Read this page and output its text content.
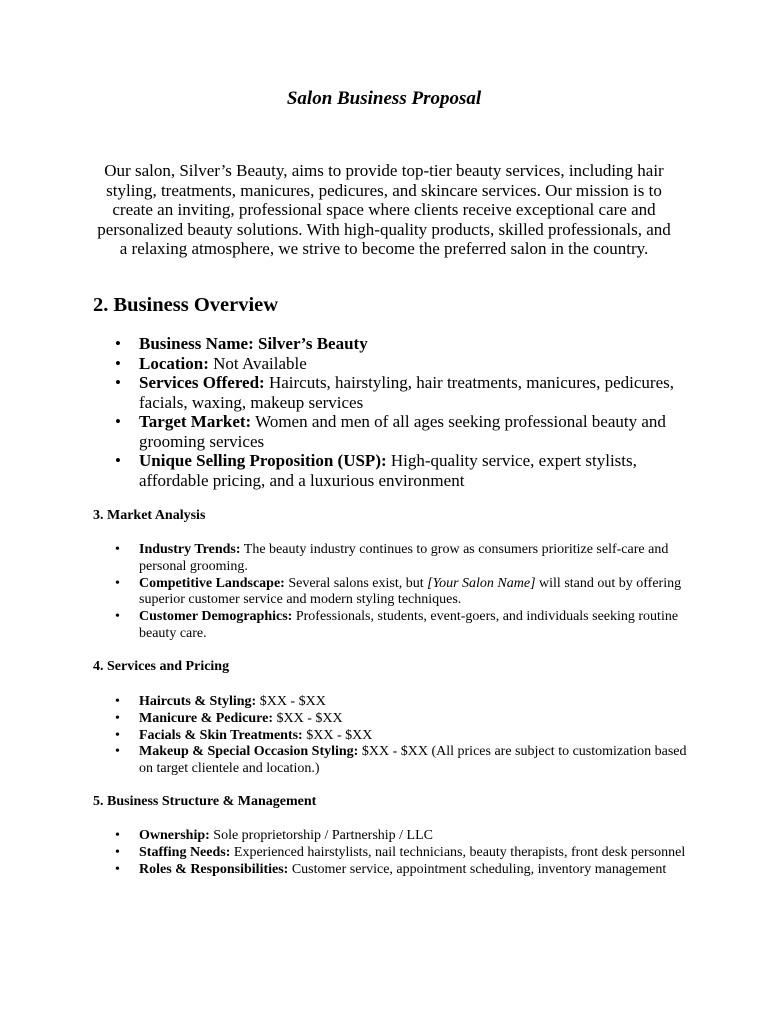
Salon Business Proposal

Our salon, Silver’s Beauty, aims to provide top-tier beauty services, including hair styling, treatments, manicures, pedicures, and skincare services. Our mission is to create an inviting, professional space where clients receive exceptional care and personalized beauty solutions. With high-quality products, skilled professionals, and a relaxing atmosphere, we strive to become the preferred salon in the country.

2. Business Overview
• Business Name: Silver’s Beauty
• Location: Not Available
• Services Offered: Haircuts, hairstyling, hair treatments, manicures, pedicures, facials, waxing, makeup services
• Target Market: Women and men of all ages seeking professional beauty and grooming services
• Unique Selling Proposition (USP): High-quality service, expert stylists, affordable pricing, and a luxurious environment
3. Market Analysis
• Industry Trends: The beauty industry continues to grow as consumers prioritize self-care and personal grooming.
• Competitive Landscape: Several salons exist, but [Your Salon Name] will stand out by offering superior customer service and modern styling techniques.
• Customer Demographics: Professionals, students, event-goers, and individuals seeking routine beauty care.
4. Services and Pricing
• Haircuts & Styling: $XX - $XX
• Manicure & Pedicure: $XX - $XX
• Facials & Skin Treatments: $XX - $XX
• Makeup & Special Occasion Styling: $XX - $XX (All prices are subject to customization based on target clientele and location.)
5. Business Structure & Management
• Ownership: Sole proprietorship / Partnership / LLC
• Staffing Needs: Experienced hairstylists, nail technicians, beauty therapists, front desk personnel
• Roles & Responsibilities: Customer service, appointment scheduling, inventory management
